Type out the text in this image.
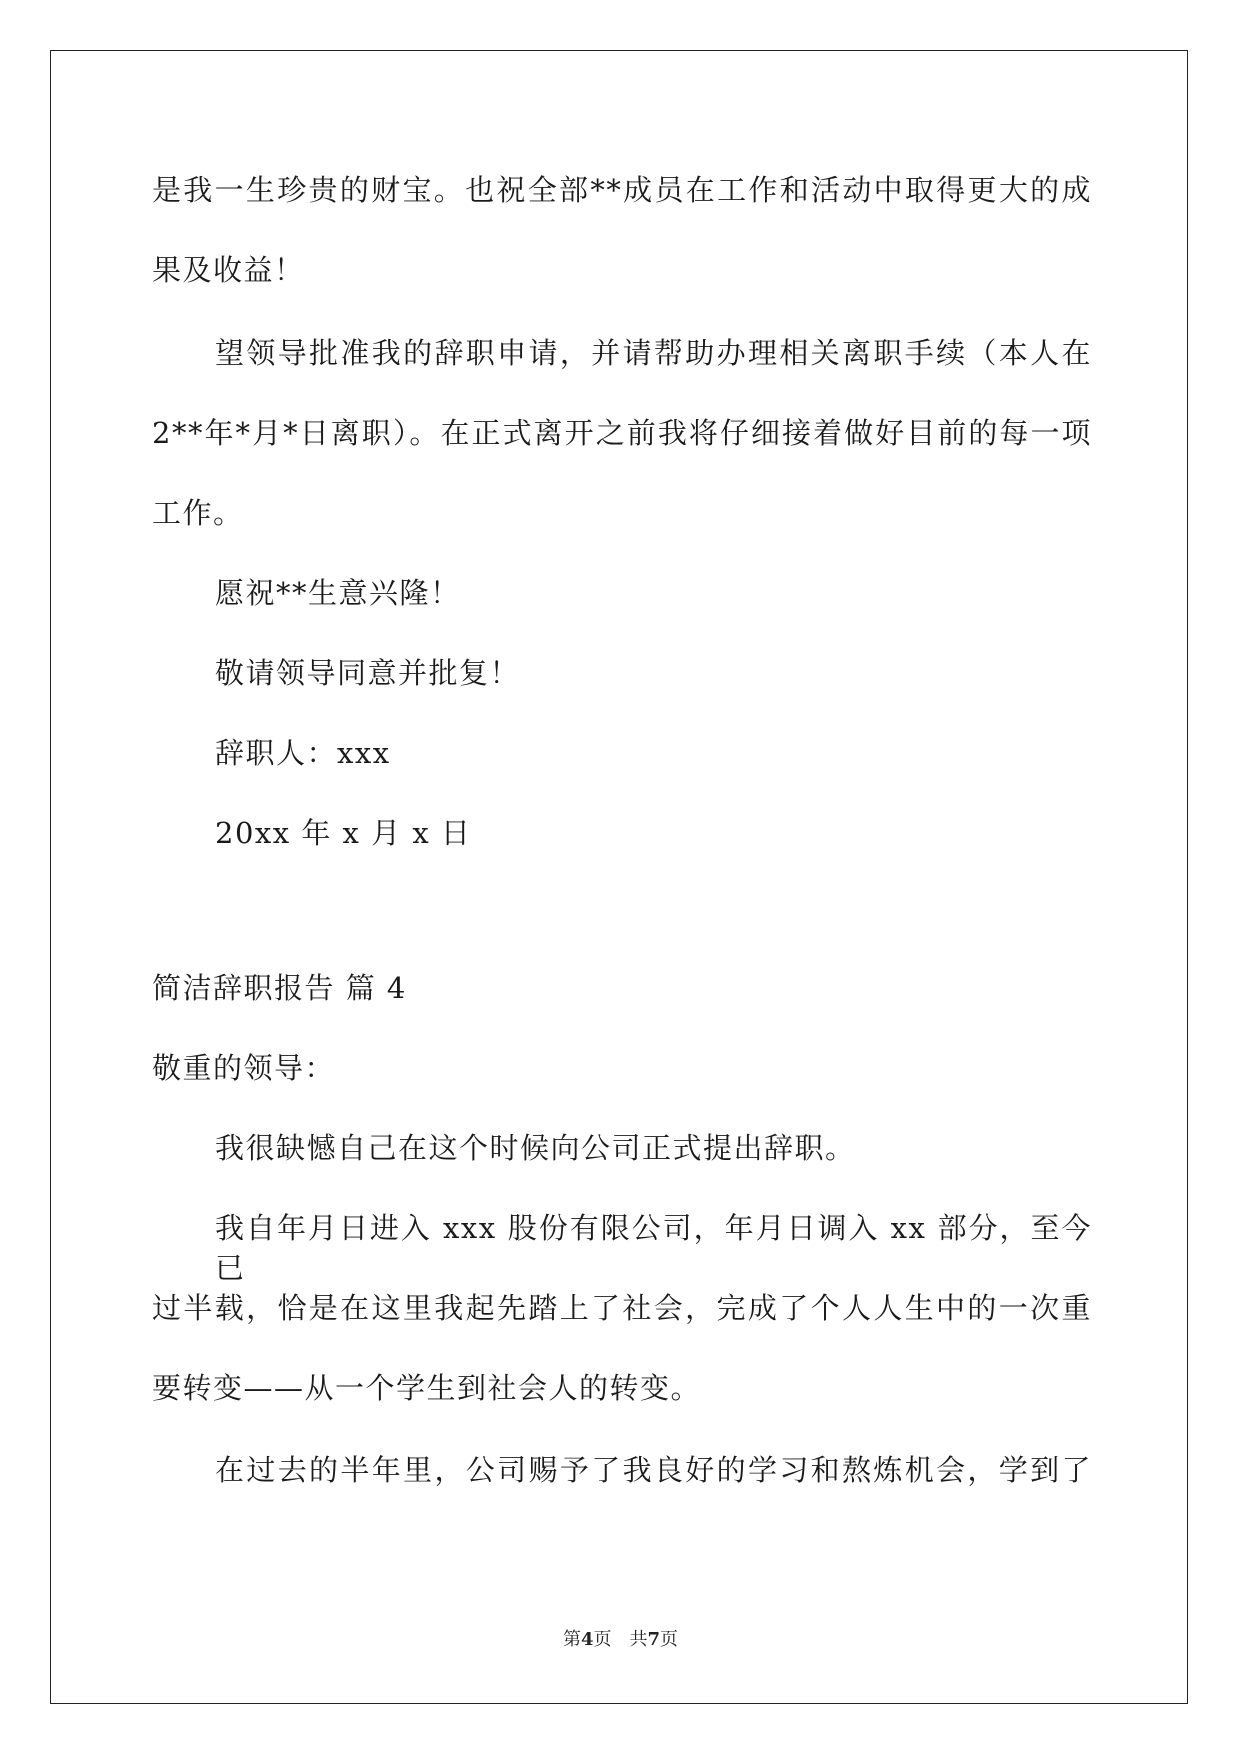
是我一生珍贵的财宝。也祝全部**成员在工作和活动中取得更大的成
果及收益！
望领导批准我的辞职申请，并请帮助办理相关离职手续（本人在
2**年*月*日离职）。在正式离开之前我将仔细接着做好目前的每一项
工作。
愿祝**生意兴隆！
敬请领导同意并批复！
辞职人：xxx
20xx 年 x 月 x 日
简洁辞职报告 篇 4
敬重的领导：
我很缺憾自己在这个时候向公司正式提出辞职。
我自年月日进入 xxx 股份有限公司，年月日调入 xx 部分，至今已
过半载，恰是在这里我起先踏上了社会，完成了个人人生中的一次重
要转变——从一个学生到社会人的转变。
在过去的半年里，公司赐予了我良好的学习和熬炼机会，学到了
第4页　共7页
